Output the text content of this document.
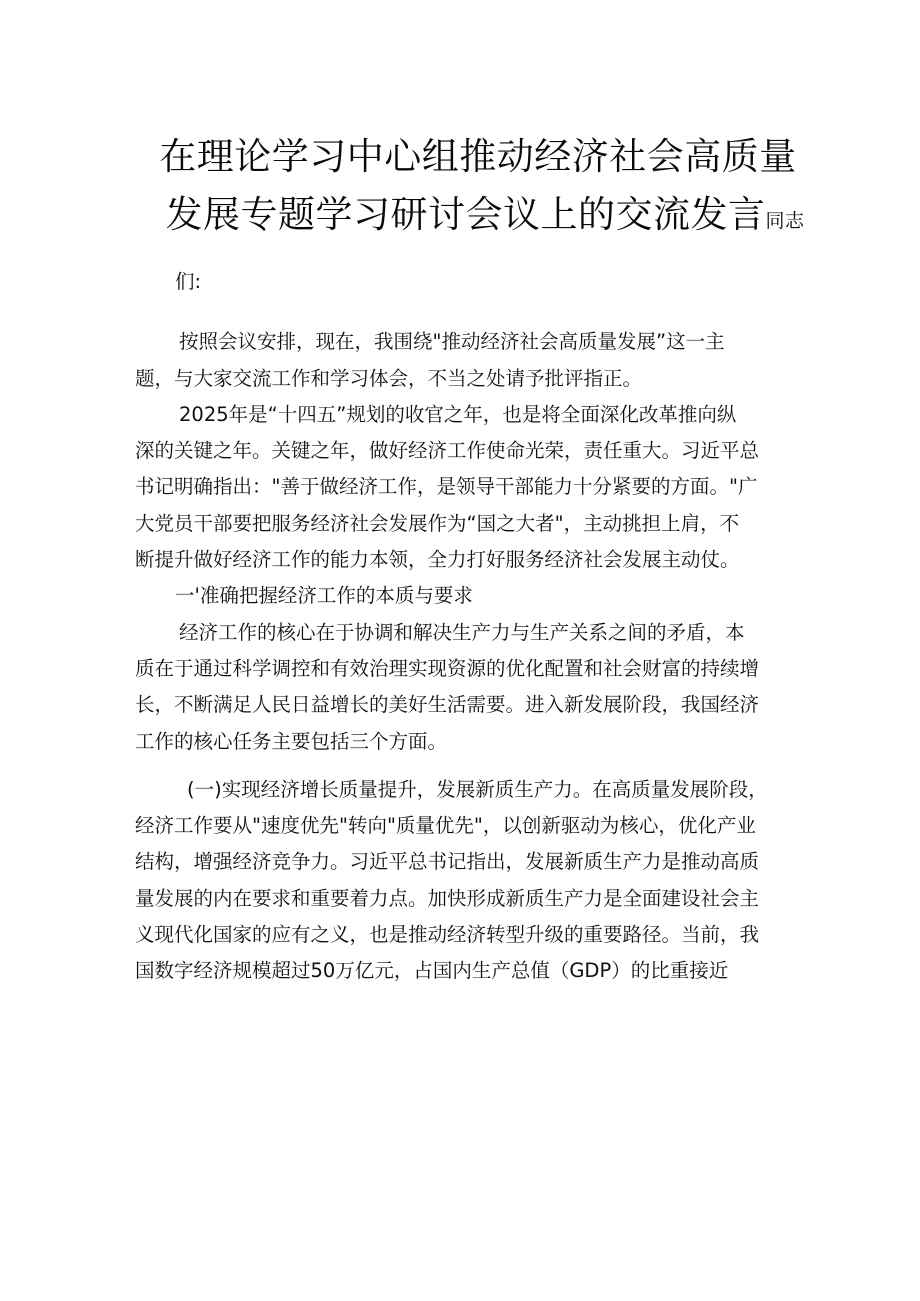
在理论学习中心组推动经济社会高质量
发展专题学习研讨会议上的交流发言同志
们:
按照会议安排，现在，我围绕"推动经济社会高质量发展”这一主
题，与大家交流工作和学习体会，不当之处请予批评指正。
2025年是“十四五”规划的收官之年，也是将全面深化改革推向纵
深的关键之年。关键之年，做好经济工作使命光荣，责任重大。习近平总
书记明确指出："善于做经济工作，是领导干部能力十分紧要的方面。"广
大党员干部要把服务经济社会发展作为“国之大者"，主动挑担上肩，不
断提升做好经济工作的能力本领，全力打好服务经济社会发展主动仗。
一'准确把握经济工作的本质与要求
经济工作的核心在于协调和解决生产力与生产关系之间的矛盾，本
质在于通过科学调控和有效治理实现资源的优化配置和社会财富的持续增
长，不断满足人民日益增长的美好生活需要。进入新发展阶段，我国经济
工作的核心任务主要包括三个方面。
(一)实现经济增长质量提升，发展新质生产力。在高质量发展阶段，
经济工作要从"速度优先"转向"质量优先"，以创新驱动为核心，优化产业
结构，增强经济竞争力。习近平总书记指出，发展新质生产力是推动高质
量发展的内在要求和重要着力点。加快形成新质生产力是全面建设社会主
义现代化国家的应有之义，也是推动经济转型升级的重要路径。当前，我
国数字经济规模超过50万亿元，占国内生产总值（GDP）的比重接近
